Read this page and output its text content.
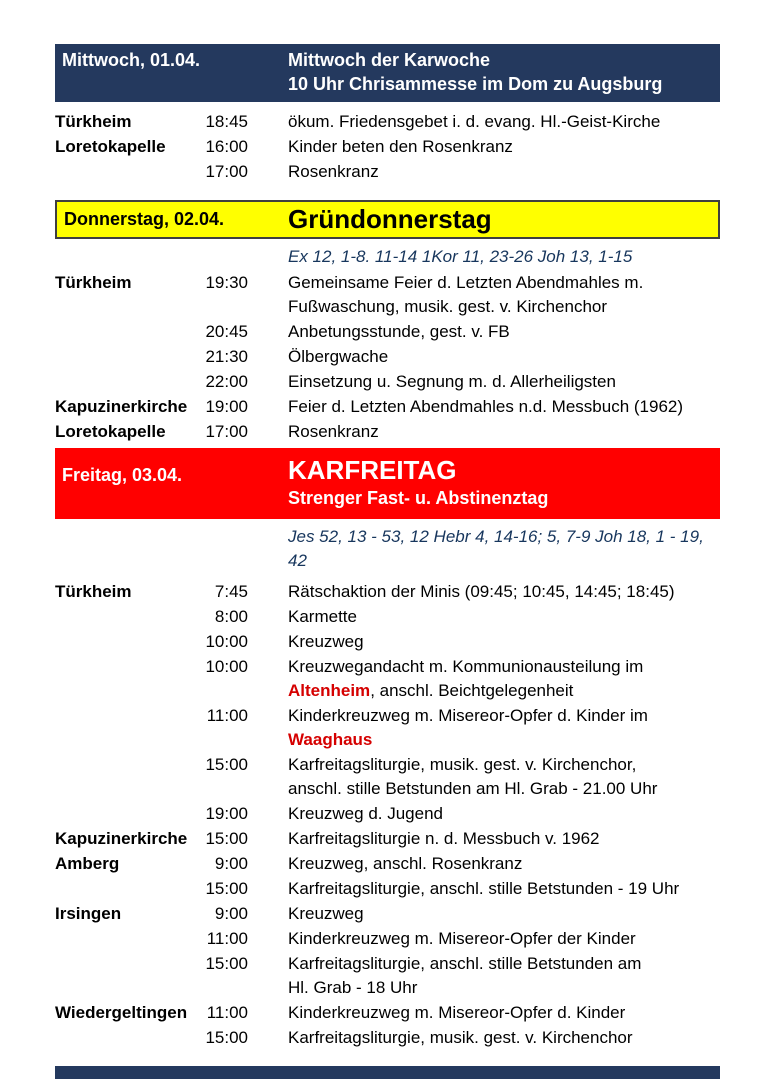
Mittwoch, 01.04.	Mittwoch der Karwoche
10 Uhr Chrisammesse im Dom zu Augsburg
Türkheim	18:45 ökum. Friedensgebet i. d. evang. Hl.-Geist-Kirche
Loretokapelle	16:00 Kinder beten den Rosenkranz
17:00 Rosenkranz
Donnerstag, 02.04.	Gründonnerstag
Ex 12, 1-8. 11-14 1Kor 11, 23-26 Joh 13, 1-15
Türkheim	19:30 Gemeinsame Feier d. Letzten Abendmahles m.
Fußwaschung, musik. gest. v. Kirchenchor
20:45 Anbetungsstunde, gest. v. FB
21:30 Ölbergwache
22:00 Einsetzung u. Segnung m. d. Allerheiligsten
Kapuzinerkirche	19:00 Feier d. Letzten Abendmahles n.d. Messbuch (1962)
Loretokapelle	17:00 Rosenkranz
Freitag, 03.04.	KARFREITAG
Strenger Fast- u. Abstinenztag
Jes 52, 13 - 53, 12 Hebr 4, 14-16; 5, 7-9 Joh 18, 1 - 19, 42
Türkheim	7:45 Rätschaktion der Minis (09:45; 10:45, 14:45; 18:45)
8:00 Karmette
10:00 Kreuzweg
10:00 Kreuzwegandacht m. Kommunionausteilung im
Altenheim, anschl. Beichtgelegenheit
11:00 Kinderkreuzweg m. Misereor-Opfer d. Kinder im
Waaghaus
15:00 Karfreitagsliturgie, musik. gest. v. Kirchenchor,
anschl. stille Betstunden am Hl. Grab - 21.00 Uhr
19:00 Kreuzweg d. Jugend
Kapuzinerkirche	15:00 Karfreitagsliturgie n. d. Messbuch v. 1962
Amberg	9:00 Kreuzweg, anschl. Rosenkranz
15:00 Karfreitagsliturgie, anschl. stille Betstunden - 19 Uhr
Irsingen	9:00 Kreuzweg
11:00 Kinderkreuzweg m. Misereor-Opfer der Kinder
15:00 Karfreitagsliturgie, anschl. stille Betstunden am
Hl. Grab - 18 Uhr
Wiedergeltingen	11:00 Kinderkreuzweg m. Misereor-Opfer d. Kinder
15:00 Karfreitagsliturgie, musik. gest. v. Kirchenchor
